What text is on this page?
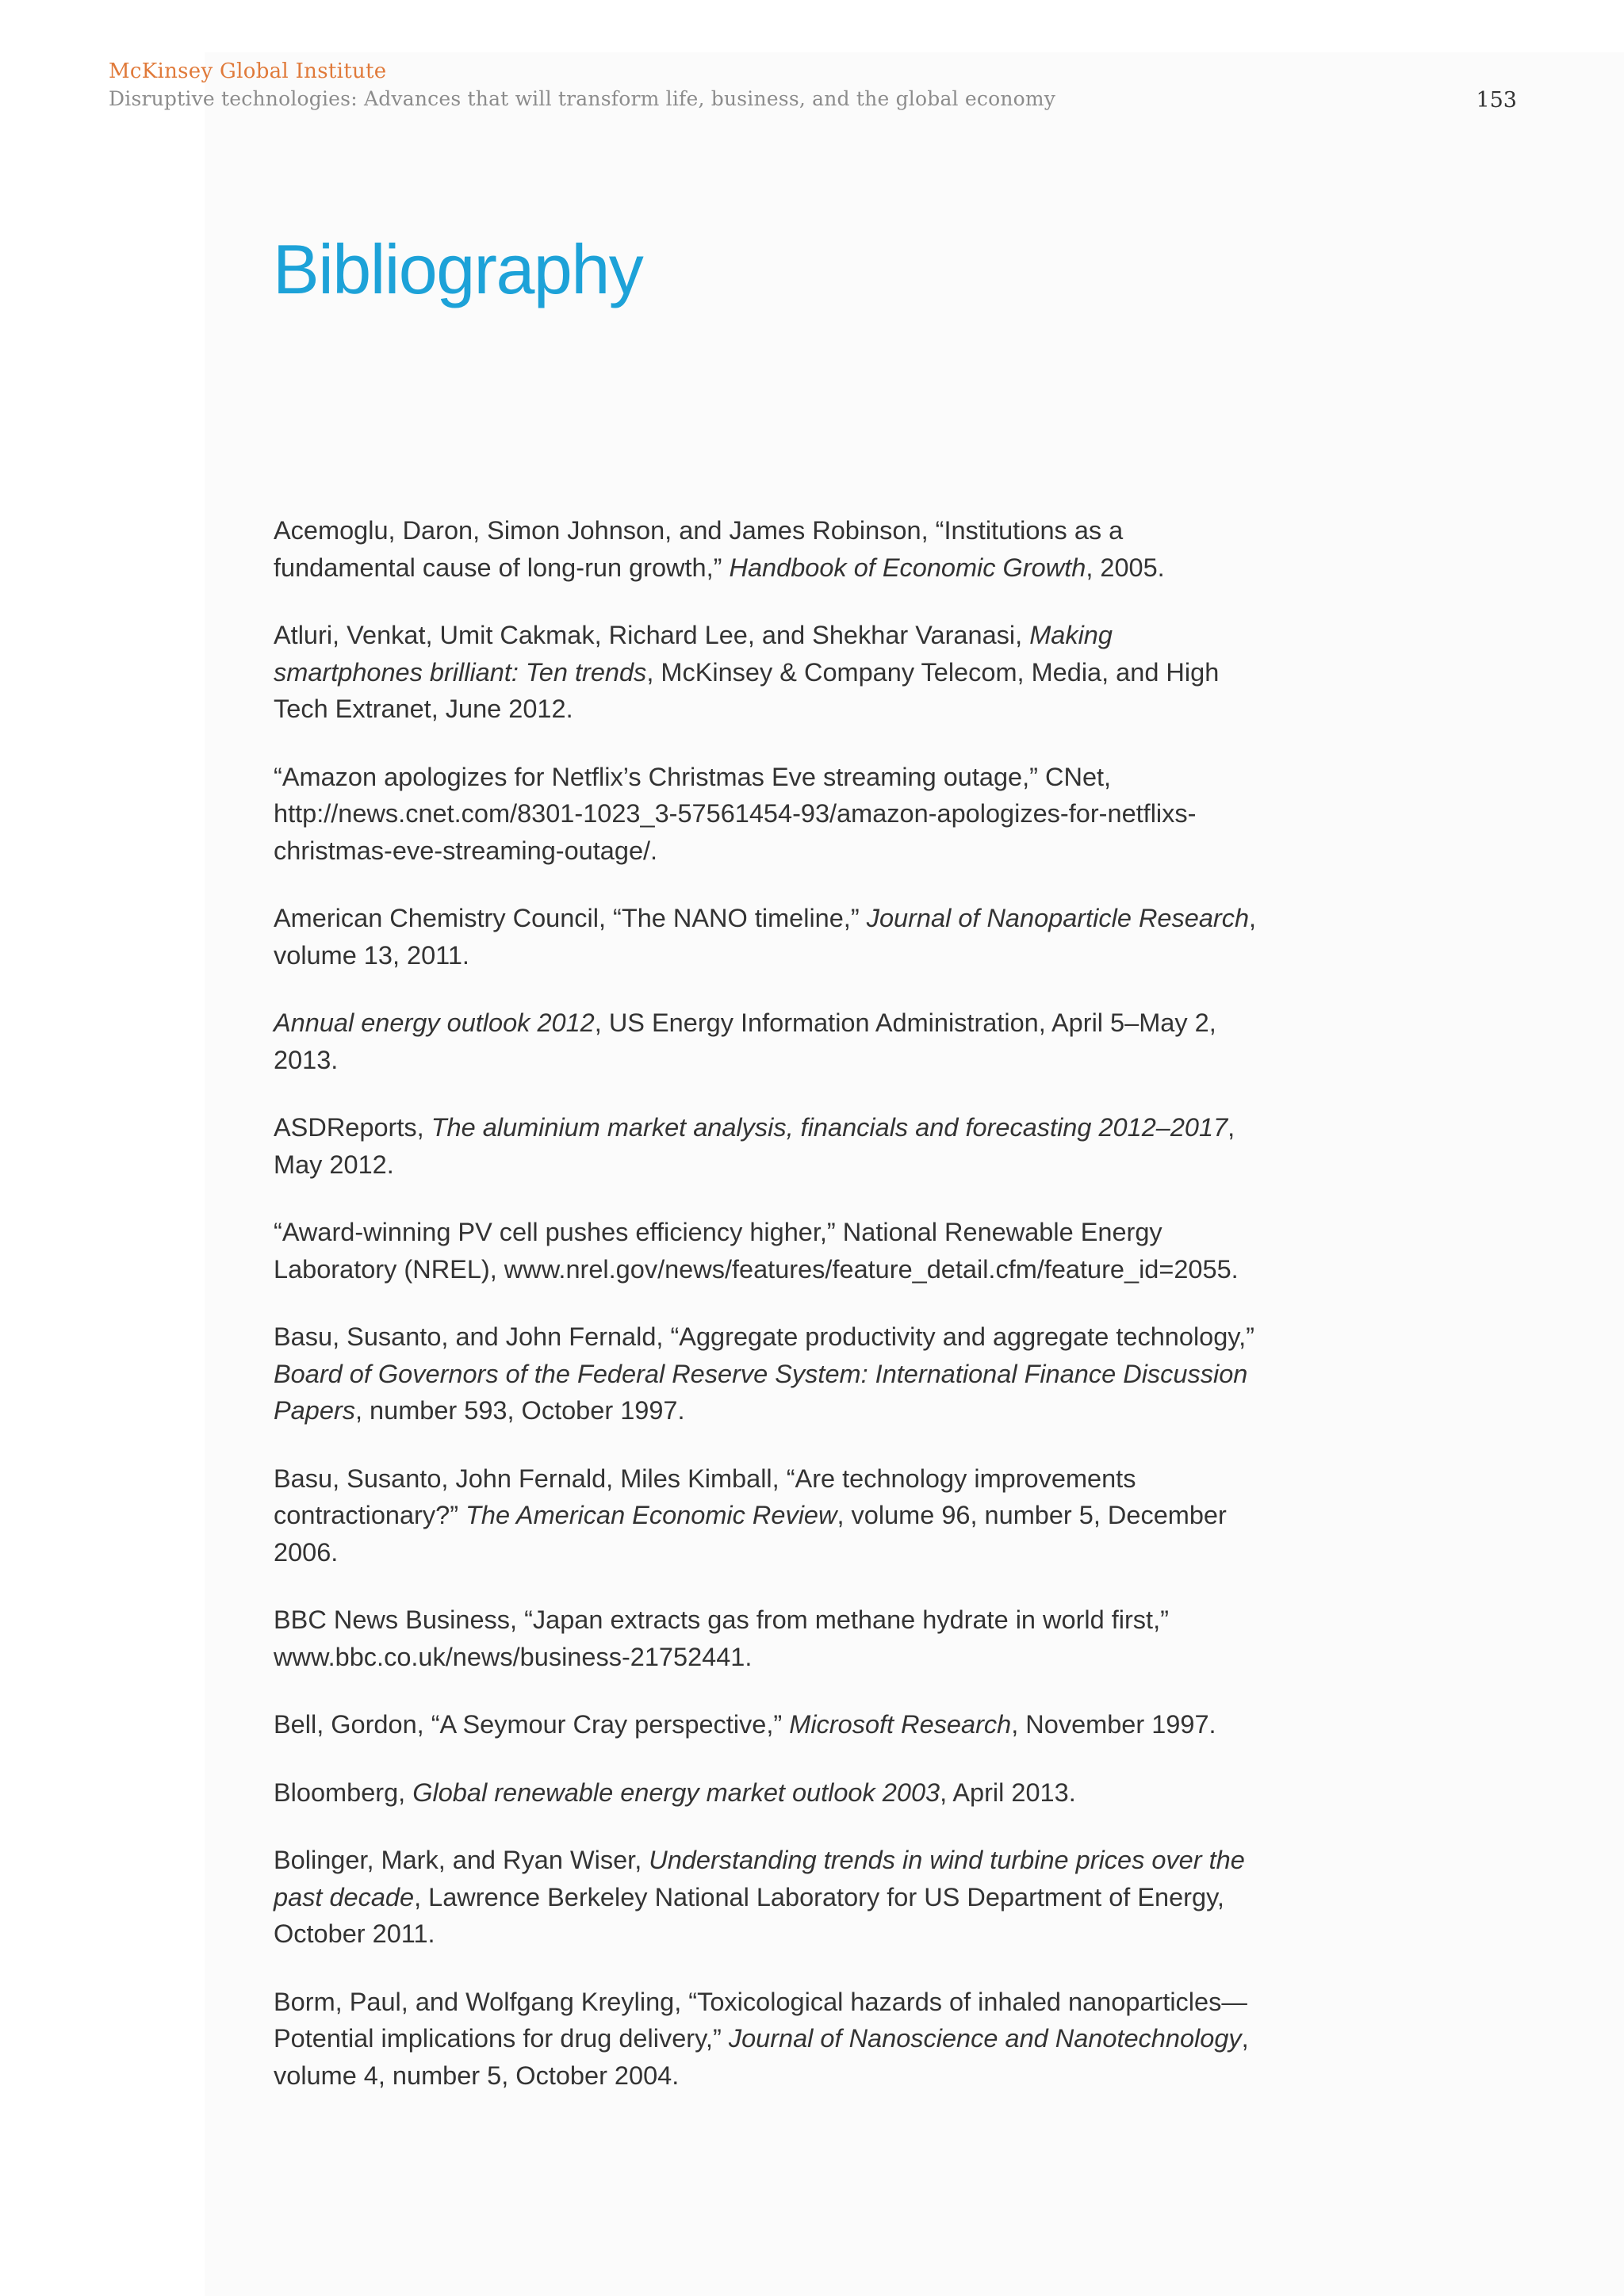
McKinsey Global Institute
Disruptive technologies: Advances that will transform life, business, and the global economy	153
Bibliography
Acemoglu, Daron, Simon Johnson, and James Robinson, “Institutions as a fundamental cause of long-run growth,” Handbook of Economic Growth, 2005.
Atluri, Venkat, Umit Cakmak, Richard Lee, and Shekhar Varanasi, Making smartphones brilliant: Ten trends, McKinsey & Company Telecom, Media, and High Tech Extranet, June 2012.
“Amazon apologizes for Netflix’s Christmas Eve streaming outage,” CNet, http://news.cnet.com/8301-1023_3-57561454-93/amazon-apologizes-for-netflixs-christmas-eve-streaming-outage/.
American Chemistry Council, “The NANO timeline,” Journal of Nanoparticle Research, volume 13, 2011.
Annual energy outlook 2012, US Energy Information Administration, April 5–May 2, 2013.
ASDReports, The aluminium market analysis, financials and forecasting 2012–2017, May 2012.
“Award-winning PV cell pushes efficiency higher,” National Renewable Energy Laboratory (NREL), www.nrel.gov/news/features/feature_detail.cfm/feature_id=2055.
Basu, Susanto, and John Fernald, “Aggregate productivity and aggregate technology,” Board of Governors of the Federal Reserve System: International Finance Discussion Papers, number 593, October 1997.
Basu, Susanto, John Fernald, Miles Kimball, “Are technology improvements contractionary?” The American Economic Review, volume 96, number 5, December 2006.
BBC News Business, “Japan extracts gas from methane hydrate in world first,” www.bbc.co.uk/news/business-21752441.
Bell, Gordon, “A Seymour Cray perspective,” Microsoft Research, November 1997.
Bloomberg, Global renewable energy market outlook 2003, April 2013.
Bolinger, Mark, and Ryan Wiser, Understanding trends in wind turbine prices over the past decade, Lawrence Berkeley National Laboratory for US Department of Energy, October 2011.
Borm, Paul, and Wolfgang Kreyling, “Toxicological hazards of inhaled nanoparticles—Potential implications for drug delivery,” Journal of Nanoscience and Nanotechnology, volume 4, number 5, October 2004.
